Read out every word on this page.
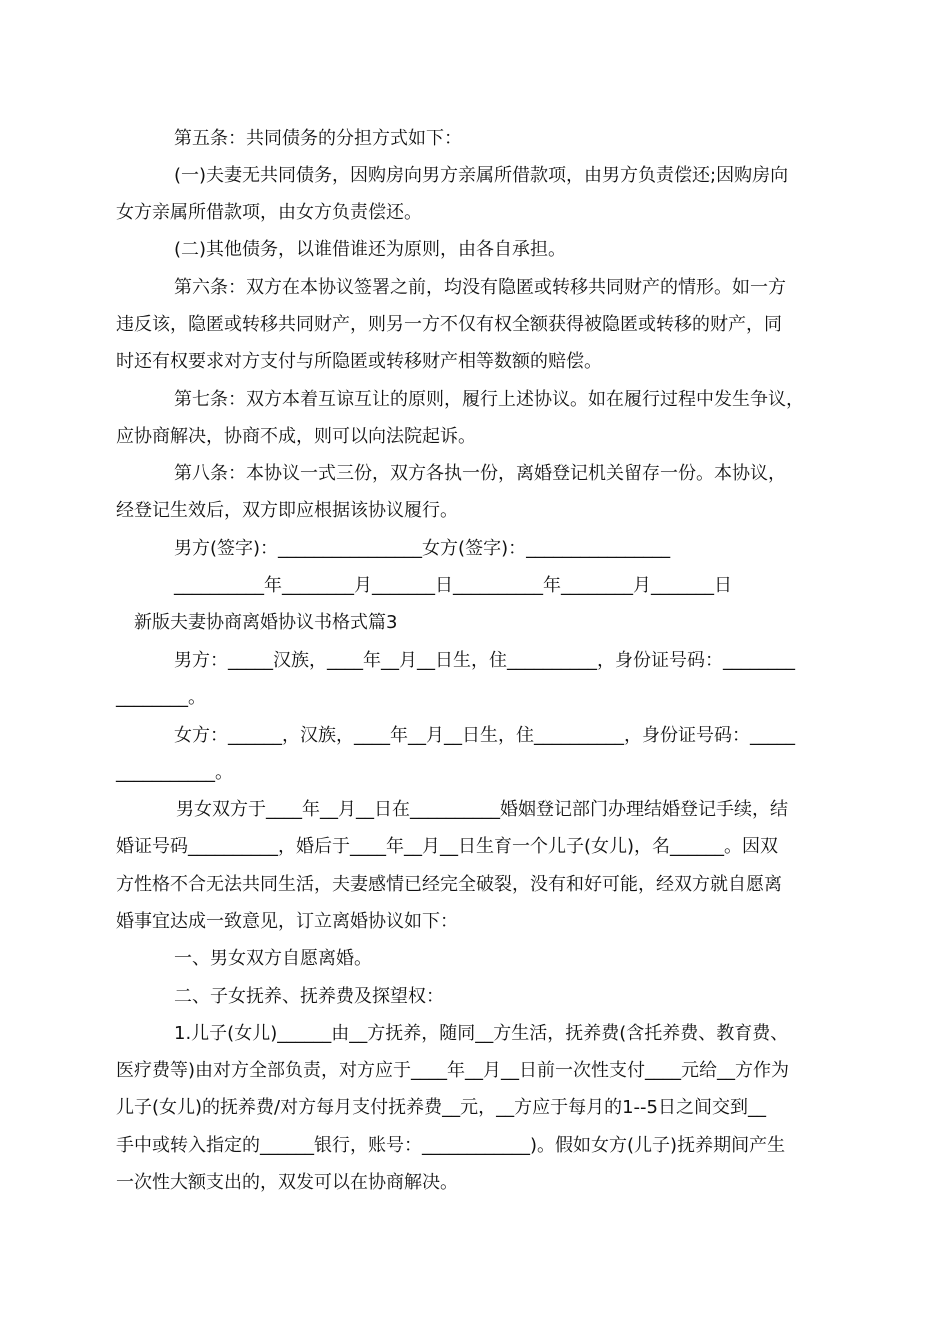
第五条：共同债务的分担方式如下：

(一)夫妻无共同债务，因购房向男方亲属所借款项，由男方负责偿还;因购房向

女方亲属所借款项，由女方负责偿还。

(二)其他债务，以谁借谁还为原则，由各自承担。

第六条：双方在本协议签署之前，均没有隐匿或转移共同财产的情形。如一方

违反该，隐匿或转移共同财产，则另一方不仅有权全额获得被隐匿或转移的财产，同

时还有权要求对方支付与所隐匿或转移财产相等数额的赔偿。

第七条：双方本着互谅互让的原则，履行上述协议。如在履行过程中发生争议，

应协商解决，协商不成，则可以向法院起诉。

第八条：本协议一式三份，双方各执一份，离婚登记机关留存一份。本协议，

经登记生效后，双方即应根据该协议履行。

男方(签字)：________________女方(签字)：________________

__________年________月_______日__________年________月_______日

新版夫妻协商离婚协议书格式篇3

男方：_____汉族，____年__月__日生，住__________，身份证号码：________

________。

女方：______，汉族，____年__月__日生，住__________，身份证号码：_____

___________。

男女双方于____年__月__日在__________婚姻登记部门办理结婚登记手续，结

婚证号码__________，婚后于____年__月__日生育一个儿子(女儿)，名______。因双

方性格不合无法共同生活，夫妻感情已经完全破裂，没有和好可能，经双方就自愿离

婚事宜达成一致意见，订立离婚协议如下：

一、男女双方自愿离婚。

二、子女抚养、抚养费及探望权：

1.儿子(女儿)______由__方抚养，随同__方生活，抚养费(含托养费、教育费、

医疗费等)由对方全部负责，对方应于____年__月__日前一次性支付____元给__方作为

儿子(女儿)的抚养费/对方每月支付抚养费__元，__方应于每月的1--5日之间交到__

手中或转入指定的______银行，账号：____________)。假如女方(儿子)抚养期间产生

一次性大额支出的，双发可以在协商解决。
